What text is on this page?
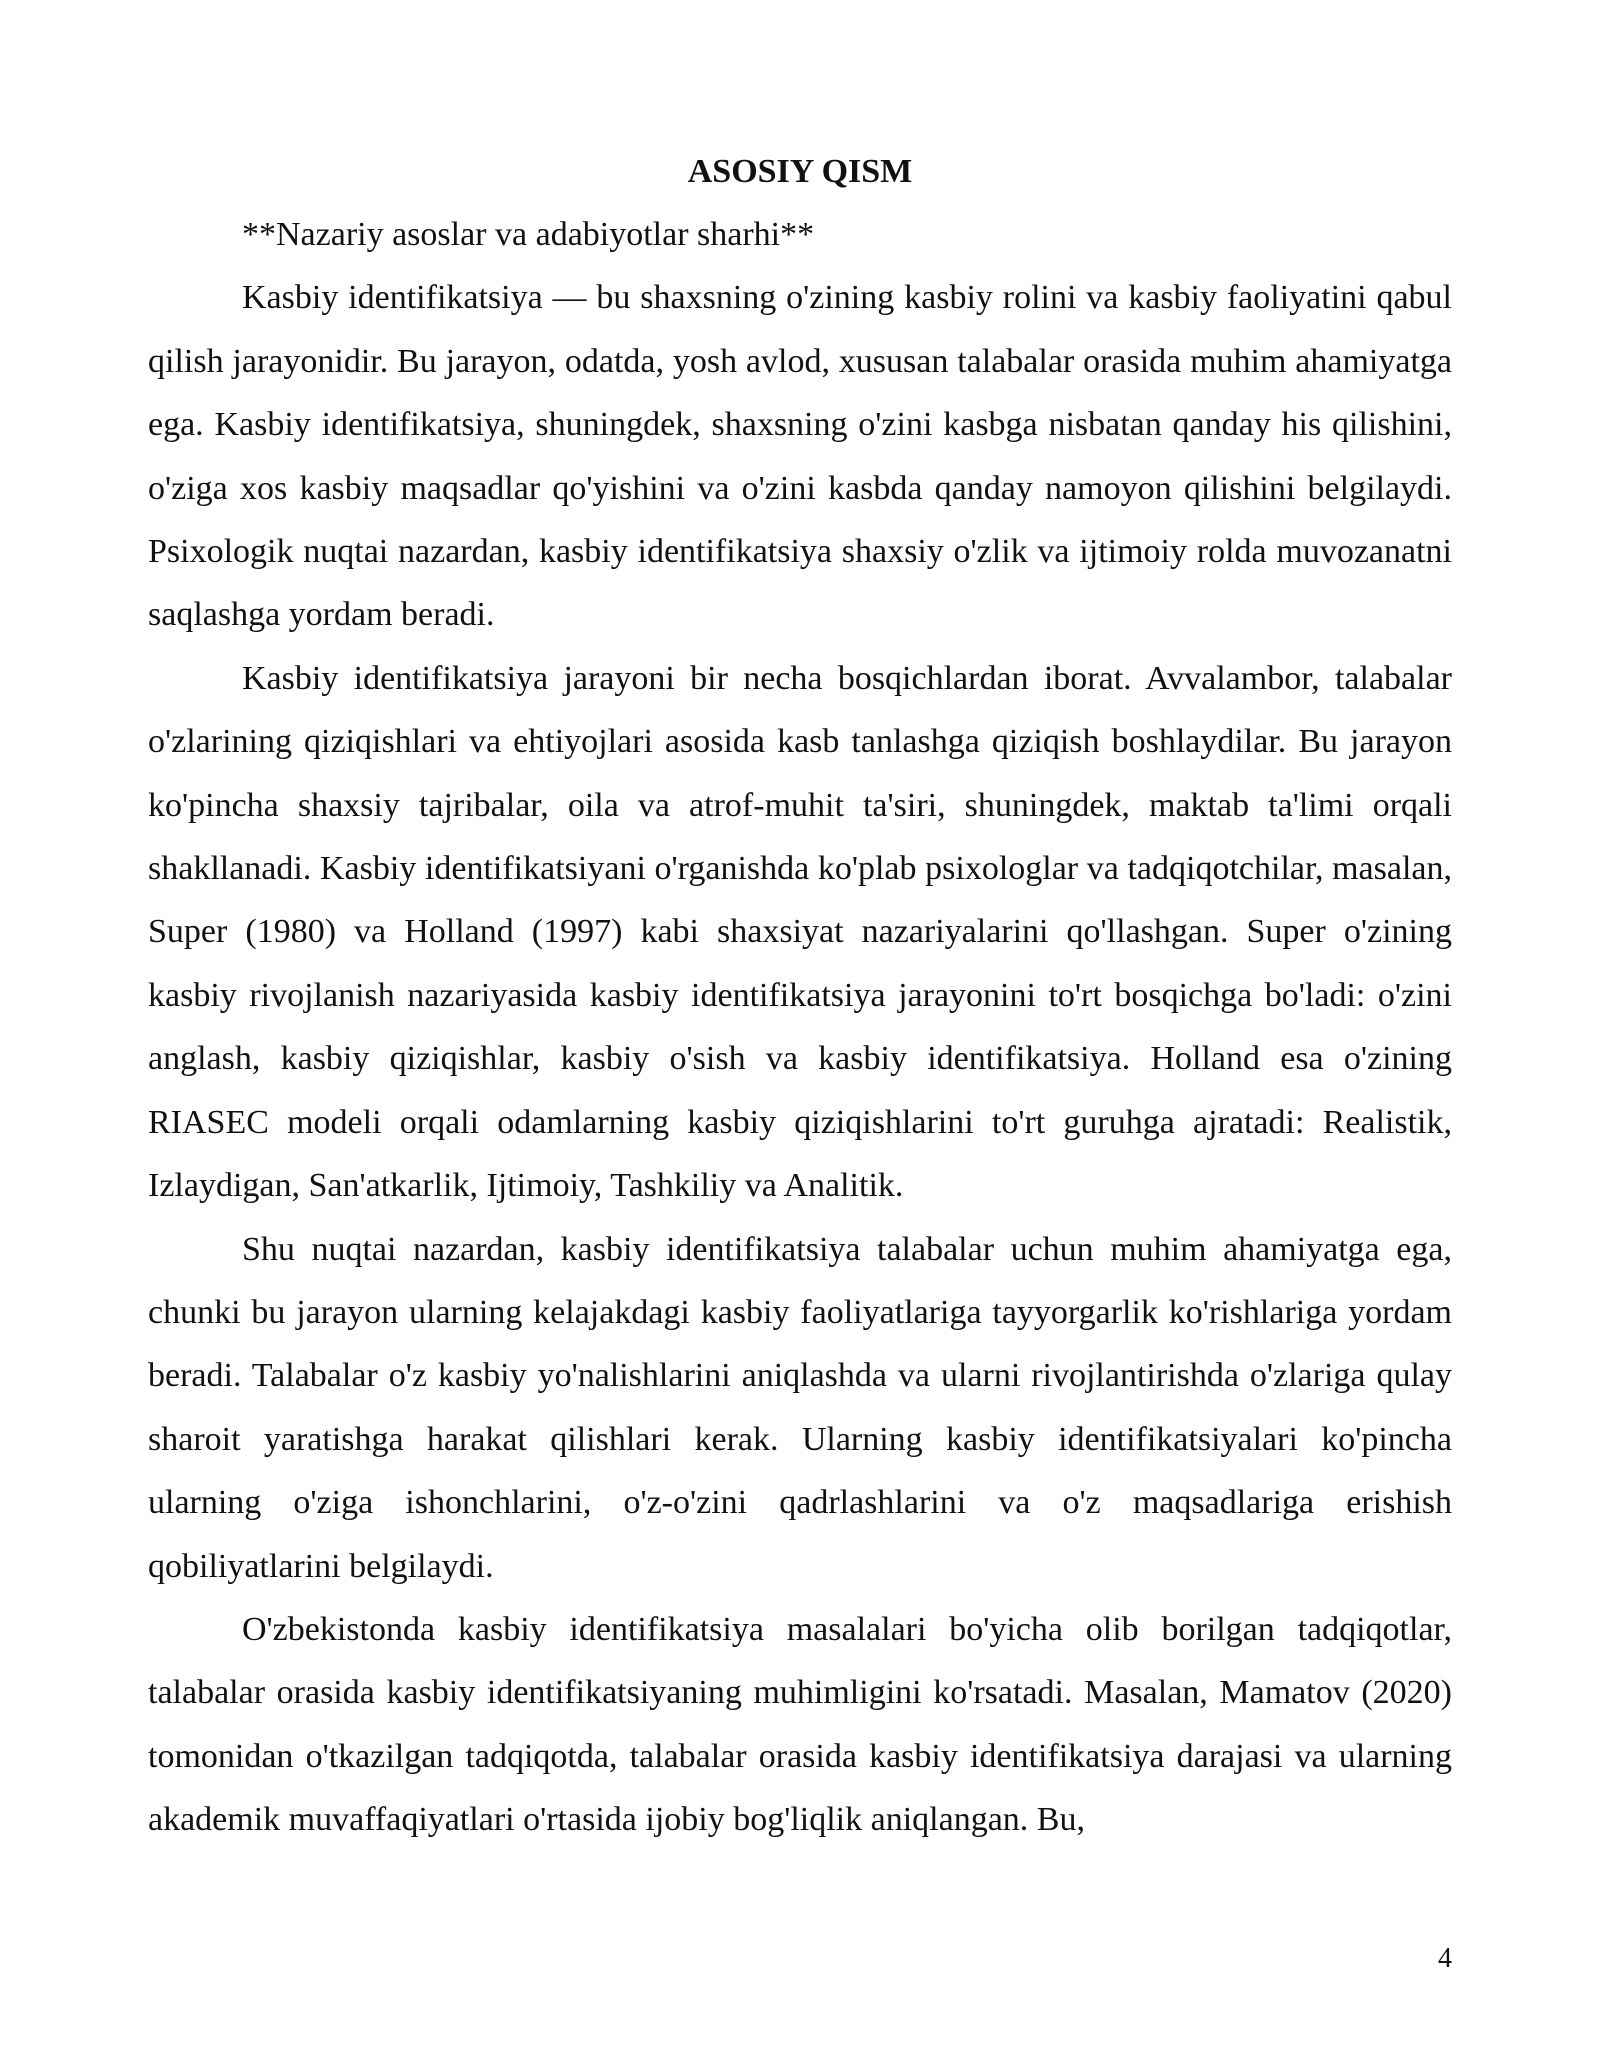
ASOSIY QISM

**Nazariy asoslar va adabiyotlar sharhi**

Kasbiy identifikatsiya — bu shaxsning o'zining kasbiy rolini va kasbiy faoliyatini qabul qilish jarayonidir. Bu jarayon, odatda, yosh avlod, xususan talabalar orasida muhim ahamiyatga ega. Kasbiy identifikatsiya, shuningdek, shaxsning o'zini kasbga nisbatan qanday his qilishini, o'ziga xos kasbiy maqsadlar qo'yishini va o'zini kasbda qanday namoyon qilishini belgilaydi. Psixologik nuqtai nazardan, kasbiy identifikatsiya shaxsiy o'zlik va ijtimoiy rolda muvozanatni saqlashga yordam beradi.

Kasbiy identifikatsiya jarayoni bir necha bosqichlardan iborat. Avvalambor, talabalar o'zlarining qiziqishlari va ehtiyojlari asosida kasb tanlashga qiziqish boshlaydilar. Bu jarayon ko'pincha shaxsiy tajribalar, oila va atrof-muhit ta'siri, shuningdek, maktab ta'limi orqali shakllanadi. Kasbiy identifikatsiyani o'rganishda ko'plab psixologlar va tadqiqotchilar, masalan, Super (1980) va Holland (1997) kabi shaxsiyat nazariyalarini qo'llashgan. Super o'zining kasbiy rivojlanish nazariyasida kasbiy identifikatsiya jarayonini to'rt bosqichga bo'ladi: o'zini anglash, kasbiy qiziqishlar, kasbiy o'sish va kasbiy identifikatsiya. Holland esa o'zining RIASEC modeli orqali odamlarning kasbiy qiziqishlarini to'rt guruhga ajratadi: Realistik, Izlaydigan, San'atkarlik, Ijtimoiy, Tashkiliy va Analitik.

Shu nuqtai nazardan, kasbiy identifikatsiya talabalar uchun muhim ahamiyatga ega, chunki bu jarayon ularning kelajakdagi kasbiy faoliyatlariga tayyorgarlik ko'rishlariga yordam beradi. Talabalar o'z kasbiy yo'nalishlarini aniqlashda va ularni rivojlantirishda o'zlariga qulay sharoit yaratishga harakat qilishlari kerak. Ularning kasbiy identifikatsiyalari ko'pincha ularning o'ziga ishonchlarini, o'z-o'zini qadrlashlarini va o'z maqsadlariga erishish qobiliyatlarini belgilaydi.

O'zbekistonda kasbiy identifikatsiya masalalari bo'yicha olib borilgan tadqiqotlar, talabalar orasida kasbiy identifikatsiyaning muhimligini ko'rsatadi. Masalan, Mamatov (2020) tomonidan o'tkazilgan tadqiqotda, talabalar orasida kasbiy identifikatsiya darajasi va ularning akademik muvaffaqiyatlari o'rtasida ijobiy bog'liqlik aniqlangan. Bu,

4
